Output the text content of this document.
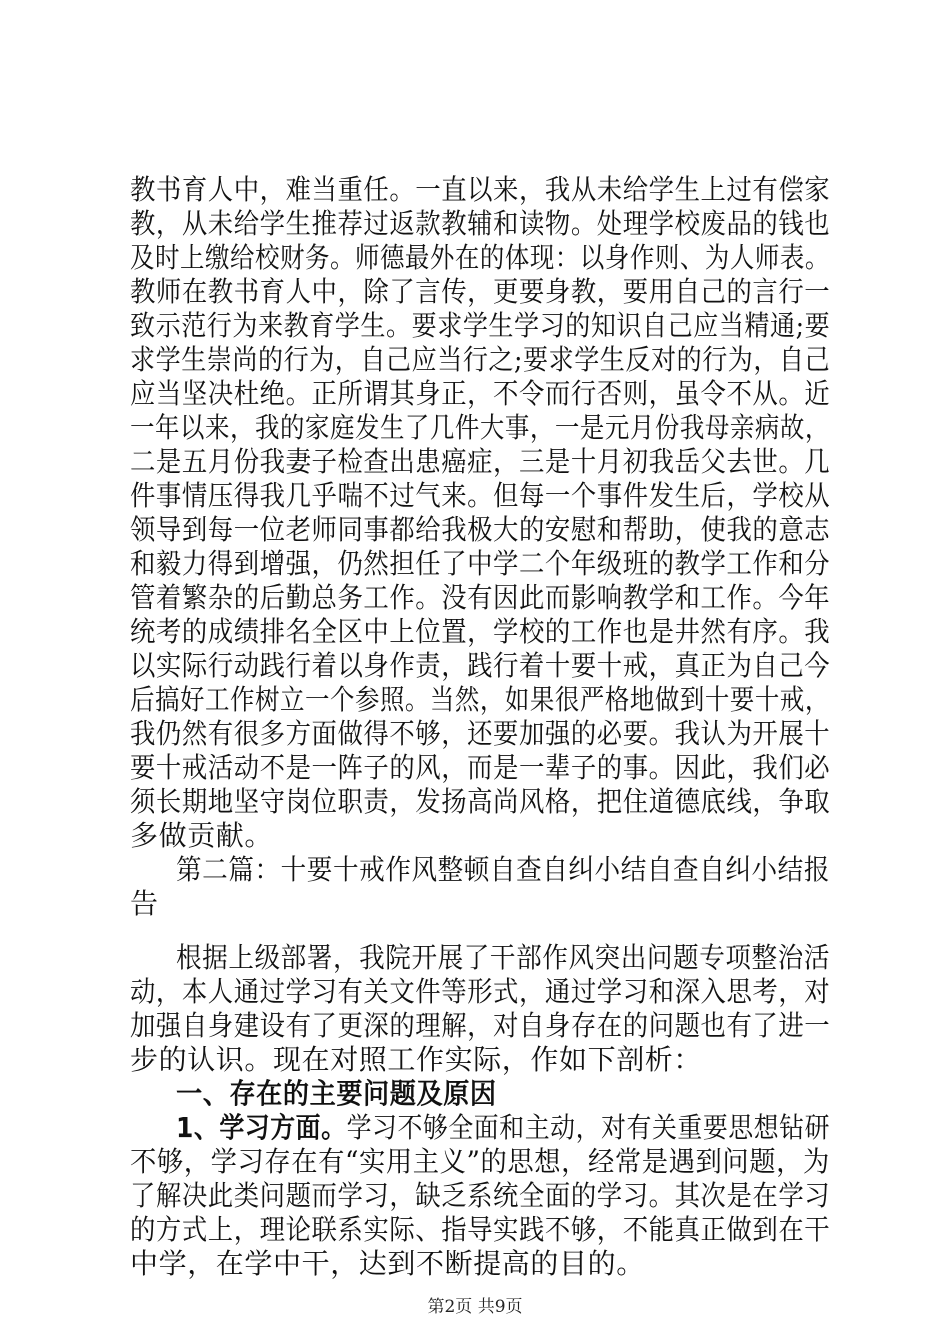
教书育人中，难当重任。一直以来，我从未给学生上过有偿家
教，从未给学生推荐过返款教辅和读物。处理学校废品的钱也
及时上缴给校财务。师德最外在的体现：以身作则、为人师表。
教师在教书育人中，除了言传，更要身教，要用自己的言行一
致示范行为来教育学生。要求学生学习的知识自己应当精通;要
求学生崇尚的行为，自己应当行之;要求学生反对的行为，自己
应当坚决杜绝。正所谓其身正，不令而行否则，虽令不从。近
一年以来，我的家庭发生了几件大事，一是元月份我母亲病故，
二是五月份我妻子检查出患癌症，三是十月初我岳父去世。几
件事情压得我几乎喘不过气来。但每一个事件发生后，学校从
领导到每一位老师同事都给我极大的安慰和帮助，使我的意志
和毅力得到增强，仍然担任了中学二个年级班的教学工作和分
管着繁杂的后勤总务工作。没有因此而影响教学和工作。今年
统考的成绩排名全区中上位置，学校的工作也是井然有序。我
以实际行动践行着以身作责，践行着十要十戒，真正为自己今
后搞好工作树立一个参照。当然，如果很严格地做到十要十戒，
我仍然有很多方面做得不够，还要加强的必要。我认为开展十
要十戒活动不是一阵子的风，而是一辈子的事。因此，我们必
须长期地坚守岗位职责，发扬高尚风格，把住道德底线，争取
多做贡献。
第二篇：十要十戒作风整顿自查自纠小结自查自纠小结报
告
根据上级部署，我院开展了干部作风突出问题专项整治活
动，本人通过学习有关文件等形式，通过学习和深入思考，对
加强自身建设有了更深的理解，对自身存在的问题也有了进一
步的认识。现在对照工作实际，作如下剖析：
一、存在的主要问题及原因
1、学习方面。学习不够全面和主动，对有关重要思想钻研
不够，学习存在有“实用主义”的思想，经常是遇到问题，为
了解决此类问题而学习，缺乏系统全面的学习。其次是在学习
的方式上，理论联系实际、指导实践不够，不能真正做到在干
中学，在学中干，达到不断提高的目的。
第2页 共9页
